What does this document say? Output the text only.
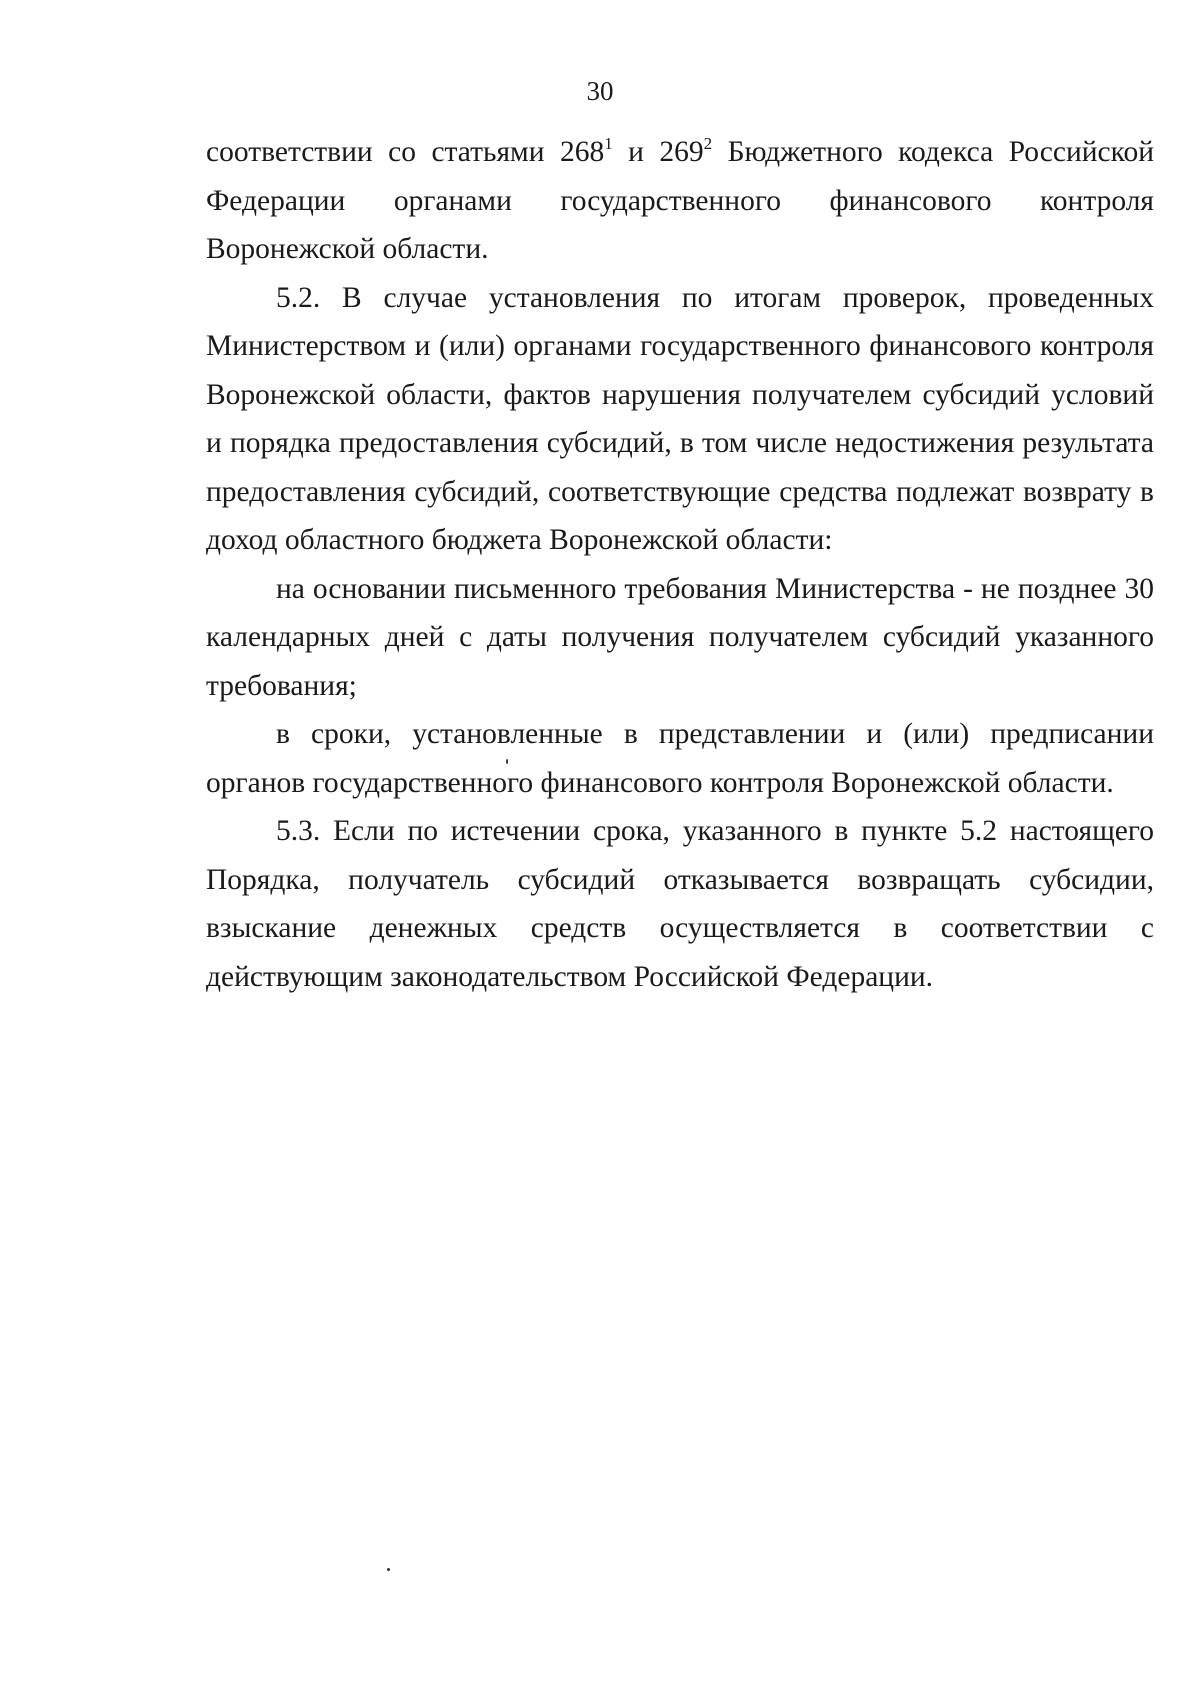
30

соответствии со статьями $268^1$ и $269^2$ Бюджетного кодекса Российской Федерации органами государственного финансового контроля Воронежской области.

5.2. В случае установления по итогам проверок, проведенных Министерством и (или) органами государственного финансового контроля Воронежской области, фактов нарушения получателем субсидий условий и порядка предоставления субсидий, в том числе недостижения результата предоставления субсидий, соответствующие средства подлежат возврату в доход областного бюджета Воронежской области:

на основании письменного требования Министерства - не позднее 30 календарных дней с даты получения получателем субсидий указанного требования;

в сроки, установленные в представлении и (или) предписании органов государственного финансового контроля Воронежской области.

5.3. Если по истечении срока, указанного в пункте 5.2 настоящего Порядка, получатель субсидий отказывается возвращать субсидии, взыскание денежных средств осуществляется в соответствии с действующим законодательством Российской Федерации.
